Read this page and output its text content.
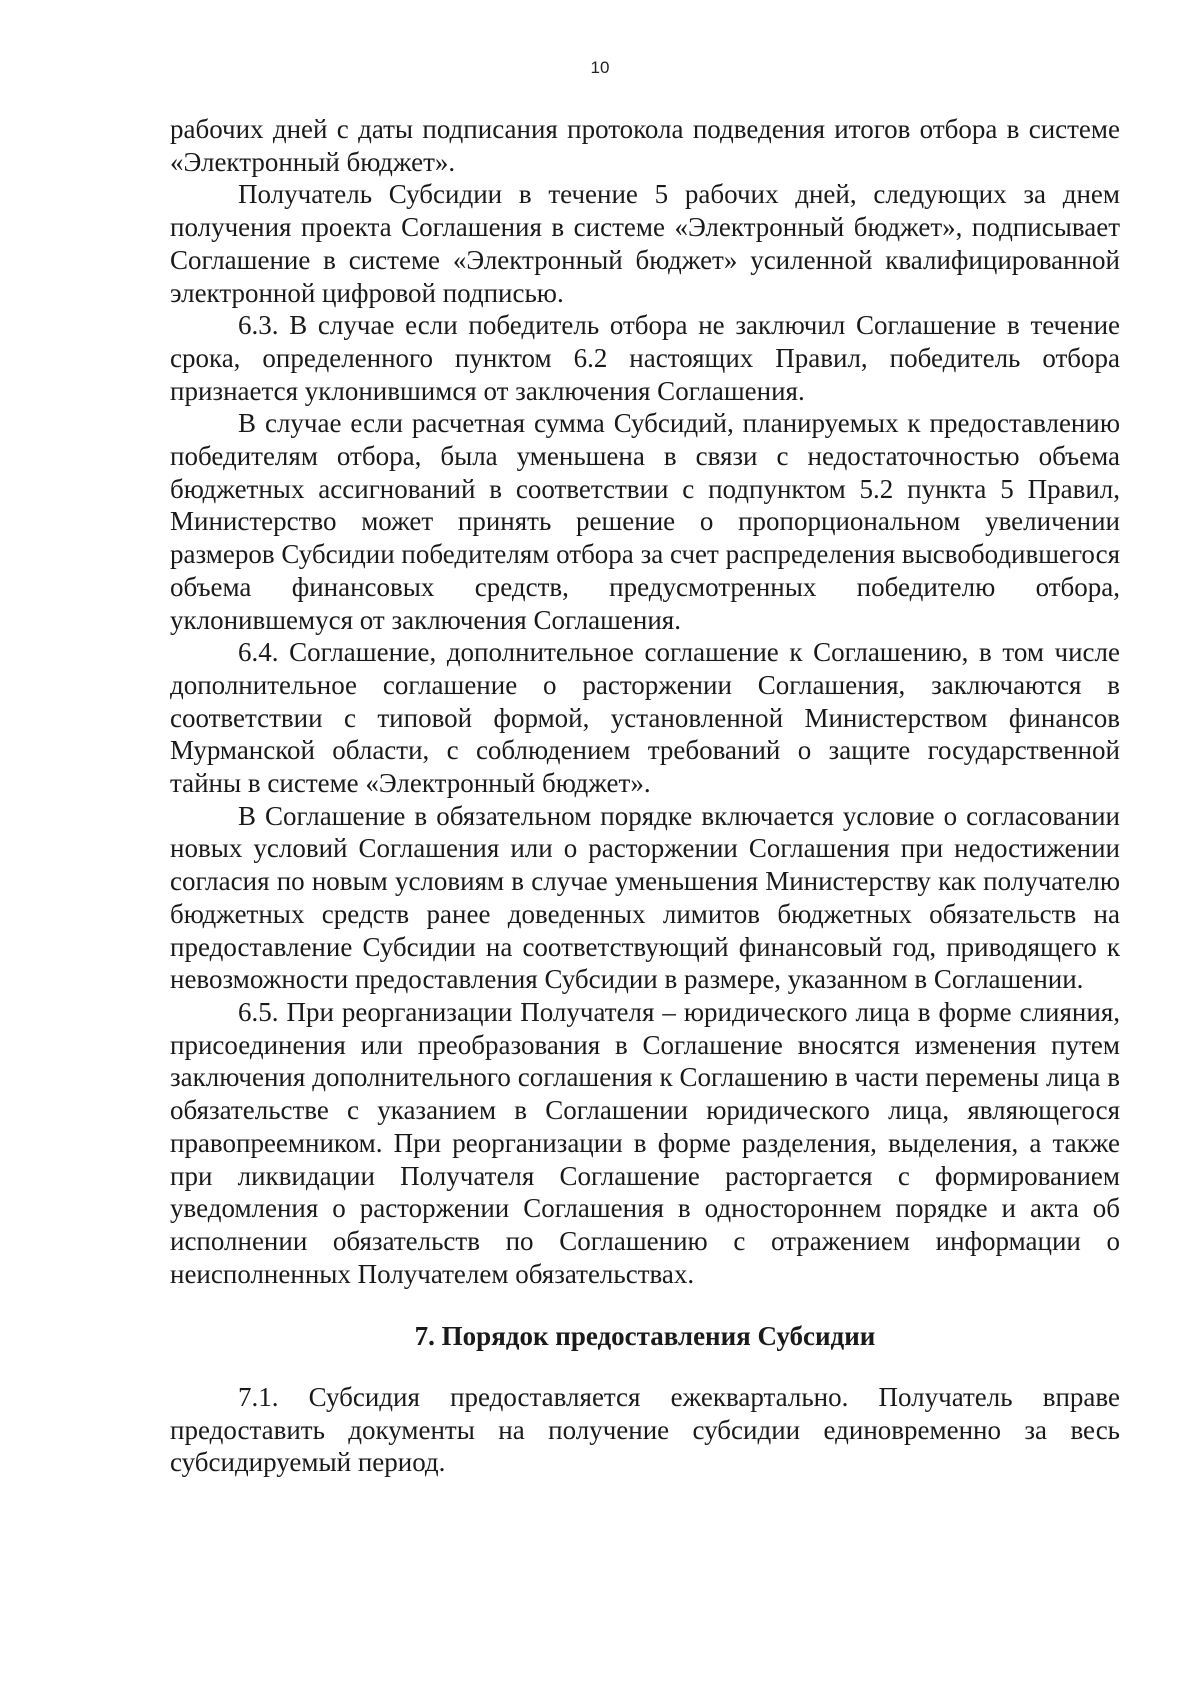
10

рабочих дней с даты подписания протокола подведения итогов отбора в системе «Электронный бюджет».

Получатель Субсидии в течение 5 рабочих дней, следующих за днем получения проекта Соглашения в системе «Электронный бюджет», подписывает Соглашение в системе «Электронный бюджет» усиленной квалифицированной электронной цифровой подписью.

6.3. В случае если победитель отбора не заключил Соглашение в течение срока, определенного пунктом 6.2 настоящих Правил, победитель отбора признается уклонившимся от заключения Соглашения.

В случае если расчетная сумма Субсидий, планируемых к предоставлению победителям отбора, была уменьшена в связи с недостаточностью объема бюджетных ассигнований в соответствии с подпунктом 5.2 пункта 5 Правил, Министерство может принять решение о пропорциональном увеличении размеров Субсидии победителям отбора за счет распределения высвободившегося объема финансовых средств, предусмотренных победителю отбора, уклонившемуся от заключения Соглашения.

6.4. Соглашение, дополнительное соглашение к Соглашению, в том числе дополнительное соглашение о расторжении Соглашения, заключаются в соответствии с типовой формой, установленной Министерством финансов Мурманской области, с соблюдением требований о защите государственной тайны в системе «Электронный бюджет».

В Соглашение в обязательном порядке включается условие о согласовании новых условий Соглашения или о расторжении Соглашения при недостижении согласия по новым условиям в случае уменьшения Министерству как получателю бюджетных средств ранее доведенных лимитов бюджетных обязательств на предоставление Субсидии на соответствующий финансовый год, приводящего к невозможности предоставления Субсидии в размере, указанном в Соглашении.

6.5. При реорганизации Получателя – юридического лица в форме слияния, присоединения или преобразования в Соглашение вносятся изменения путем заключения дополнительного соглашения к Соглашению в части перемены лица в обязательстве с указанием в Соглашении юридического лица, являющегося правопреемником. При реорганизации в форме разделения, выделения, а также при ликвидации Получателя Соглашение расторгается с формированием уведомления о расторжении Соглашения в одностороннем порядке и акта об исполнении обязательств по Соглашению с отражением информации о неисполненных Получателем обязательствах.

7. Порядок предоставления Субсидии

7.1. Субсидия предоставляется ежеквартально. Получатель вправе предоставить документы на получение субсидии единовременно за весь субсидируемый период.
